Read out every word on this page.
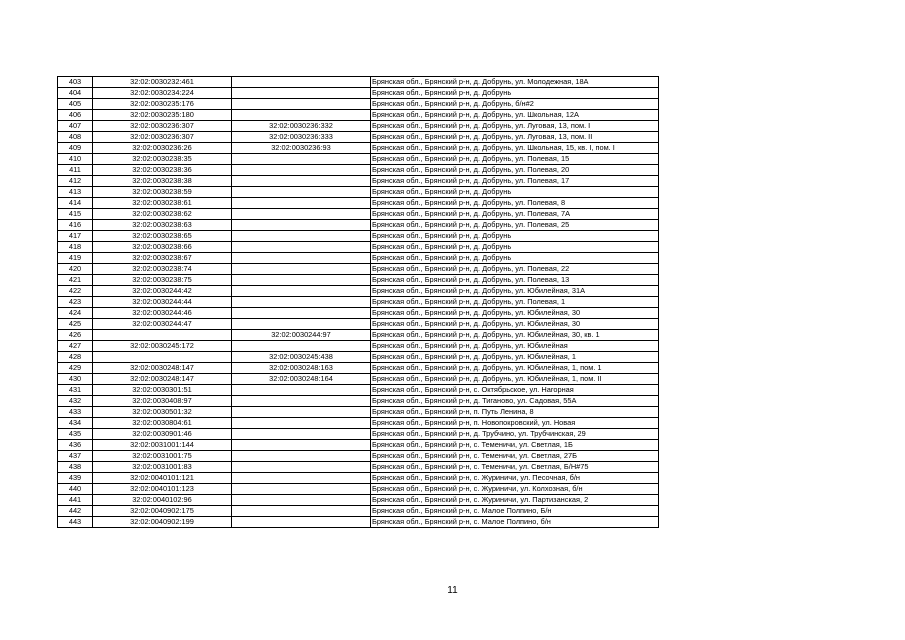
403	32:02:0030232:461		Брянская обл., Брянский р-н, д. Добрунь, ул. Молодежная, 18А
404	32:02:0030234:224		Брянская обл., Брянский р-н, д. Добрунь
405	32:02:0030235:176		Брянская обл., Брянский р-н, д. Добрунь, б/н#2
406	32:02:0030235:180		Брянская обл., Брянский р-н, д. Добрунь, ул. Школьная, 12А
407	32:02:0030236:307	32:02:0030236:332	Брянская обл., Брянский р-н, д. Добрунь, ул. Луговая, 13, пом. I
408	32:02:0030236:307	32:02:0030236:333	Брянская обл., Брянский р-н, д. Добрунь, ул. Луговая, 13, пом. II
409	32:02:0030236:26	32:02:0030236:93	Брянская обл., Брянский р-н, д. Добрунь, ул. Школьная, 15, кв. I, пом. I
410	32:02:0030238:35		Брянская обл., Брянский р-н, д. Добрунь, ул. Полевая, 15
411	32:02:0030238:36		Брянская обл., Брянский р-н, д. Добрунь, ул. Полевая, 20
412	32:02:0030238:38		Брянская обл., Брянский р-н, д. Добрунь, ул. Полевая, 17
413	32:02:0030238:59		Брянская обл., Брянский р-н, д. Добрунь
414	32:02:0030238:61		Брянская обл., Брянский р-н, д. Добрунь, ул. Полевая, 8
415	32:02:0030238:62		Брянская обл., Брянский р-н, д. Добрунь, ул. Полевая, 7А
416	32:02:0030238:63		Брянская обл., Брянский р-н, д. Добрунь, ул. Полевая, 25
417	32:02:0030238:65		Брянская обл., Брянский р-н, д. Добрунь
418	32:02:0030238:66		Брянская обл., Брянский р-н, д. Добрунь
419	32:02:0030238:67		Брянская обл., Брянский р-н, д. Добрунь
420	32:02:0030238:74		Брянская обл., Брянский р-н, д. Добрунь, ул. Полевая, 22
421	32:02:0030238:75		Брянская обл., Брянский р-н, д. Добрунь, ул. Полевая, 13
422	32:02:0030244:42		Брянская обл., Брянский р-н, д. Добрунь, ул. Юбилейная, 31А
423	32:02:0030244:44		Брянская обл., Брянский р-н, д. Добрунь, ул. Полевая, 1
424	32:02:0030244:46		Брянская обл., Брянский р-н, д. Добрунь, ул. Юбилейная, 30
425	32:02:0030244:47		Брянская обл., Брянский р-н, д. Добрунь, ул. Юбилейная, 30
426		32:02:0030244:97	Брянская обл., Брянский р-н, д. Добрунь, ул. Юбилейная, 30, кв. 1
427	32:02:0030245:172		Брянская обл., Брянский р-н, д. Добрунь, ул. Юбилейная
428		32:02:0030245:438	Брянская обл., Брянский р-н, д. Добрунь, ул. Юбилейная, 1
429	32:02:0030248:147	32:02:0030248:163	Брянская обл., Брянский р-н, д. Добрунь, ул. Юбилейная, 1, пом. 1
430	32:02:0030248:147	32:02:0030248:164	Брянская обл., Брянский р-н, д. Добрунь, ул. Юбилейная, 1, пом. II
431	32:02:0030301:51		Брянская обл., Брянский р-н, с. Октябрьское, ул. Нагорная
432	32:02:0030408:97		Брянская обл., Брянский р-н, д. Тиганово, ул. Садовая, 55А
433	32:02:0030501:32		Брянская обл., Брянский р-н, п. Путь Ленина, 8
434	32:02:0030804:61		Брянская обл., Брянский р-н, п. Новопокровский, ул. Новая
435	32:02:0030901:46		Брянская обл., Брянский р-н, д. Трубчино, ул. Трубчинская, 29
436	32:02:0031001:144		Брянская обл., Брянский р-н, с. Теменичи, ул. Светлая, 1Б
437	32:02:0031001:75		Брянская обл., Брянский р-н, с. Теменичи, ул. Светлая, 27Б
438	32:02:0031001:83		Брянская обл., Брянский р-н, с. Теменичи, ул. Светлая, Б/Н#75
439	32:02:0040101:121		Брянская обл., Брянский р-н, с. Журиничи, ул. Песочная, б/н
440	32:02:0040101:123		Брянская обл., Брянский р-н, с. Журиничи, ул. Колхозная, б/н
441	32:02:0040102:96		Брянская обл., Брянский р-н, с. Журиничи, ул. Партизанская, 2
442	32:02:0040902:175		Брянская обл., Брянский р-н, с. Малое Полпино, Б/н
443	32:02:0040902:199		Брянская обл., Брянский р-н, с. Малое Полпино, б/н
11
